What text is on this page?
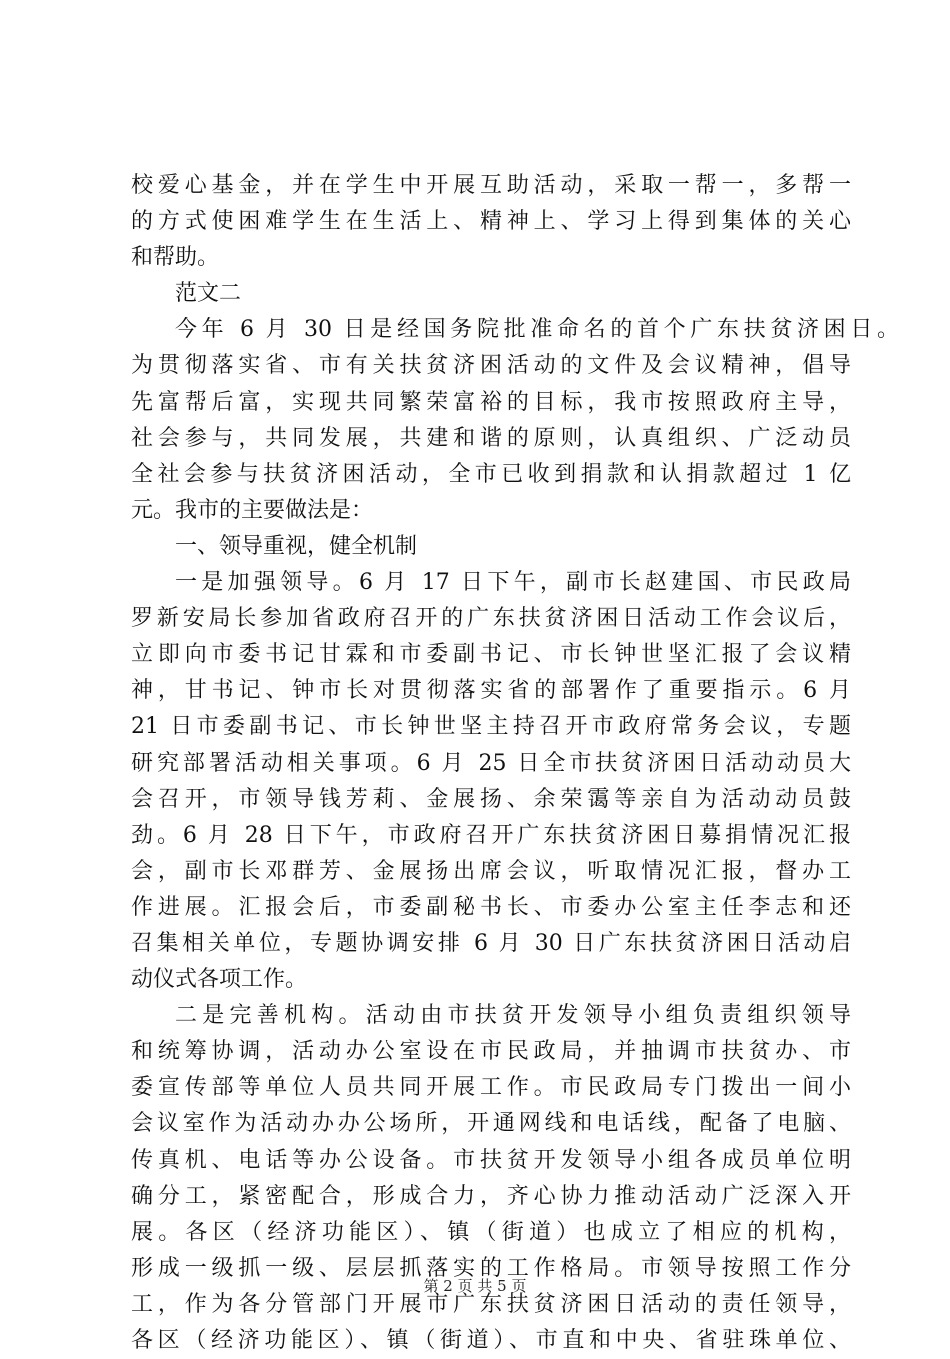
校爱心基金，并在学生中开展互助活动，采取一帮一，多帮一
的方式使困难学生在生活上、精神上、学习上得到集体的关心
和帮助。
范文二
今年 6 月 30 日是经国务院批准命名的首个广东扶贫济困日。
为贯彻落实省、市有关扶贫济困活动的文件及会议精神，倡导
先富帮后富，实现共同繁荣富裕的目标，我市按照政府主导，
社会参与，共同发展，共建和谐的原则，认真组织、广泛动员
全社会参与扶贫济困活动，全市已收到捐款和认捐款超过 1 亿
元。我市的主要做法是：
一、领导重视，健全机制
一是加强领导。6 月 17 日下午，副市长赵建国、市民政局
罗新安局长参加省政府召开的广东扶贫济困日活动工作会议后，
立即向市委书记甘霖和市委副书记、市长钟世坚汇报了会议精
神，甘书记、钟市长对贯彻落实省的部署作了重要指示。6 月
21 日市委副书记、市长钟世坚主持召开市政府常务会议，专题
研究部署活动相关事项。6 月 25 日全市扶贫济困日活动动员大
会召开，市领导钱芳莉、金展扬、余荣霭等亲自为活动动员鼓
劲。6 月 28 日下午，市政府召开广东扶贫济困日募捐情况汇报
会，副市长邓群芳、金展扬出席会议，听取情况汇报，督办工
作进展。汇报会后，市委副秘书长、市委办公室主任李志和还
召集相关单位，专题协调安排 6 月 30 日广东扶贫济困日活动启
动仪式各项工作。
二是完善机构。活动由市扶贫开发领导小组负责组织领导
和统筹协调，活动办公室设在市民政局，并抽调市扶贫办、市
委宣传部等单位人员共同开展工作。市民政局专门拨出一间小
会议室作为活动办办公场所，开通网线和电话线，配备了电脑、
传真机、电话等办公设备。市扶贫开发领导小组各成员单位明
确分工，紧密配合，形成合力，齐心协力推动活动广泛深入开
展。各区（经济功能区）、镇（街道）也成立了相应的机构，
形成一级抓一级、层层抓落实的工作格局。市领导按照工作分
工，作为各分管部门开展市广东扶贫济困日活动的责任领导，
各区（经济功能区）、镇（街道）、市直和中央、省驻珠单位、
第 2 页 共 5 页
